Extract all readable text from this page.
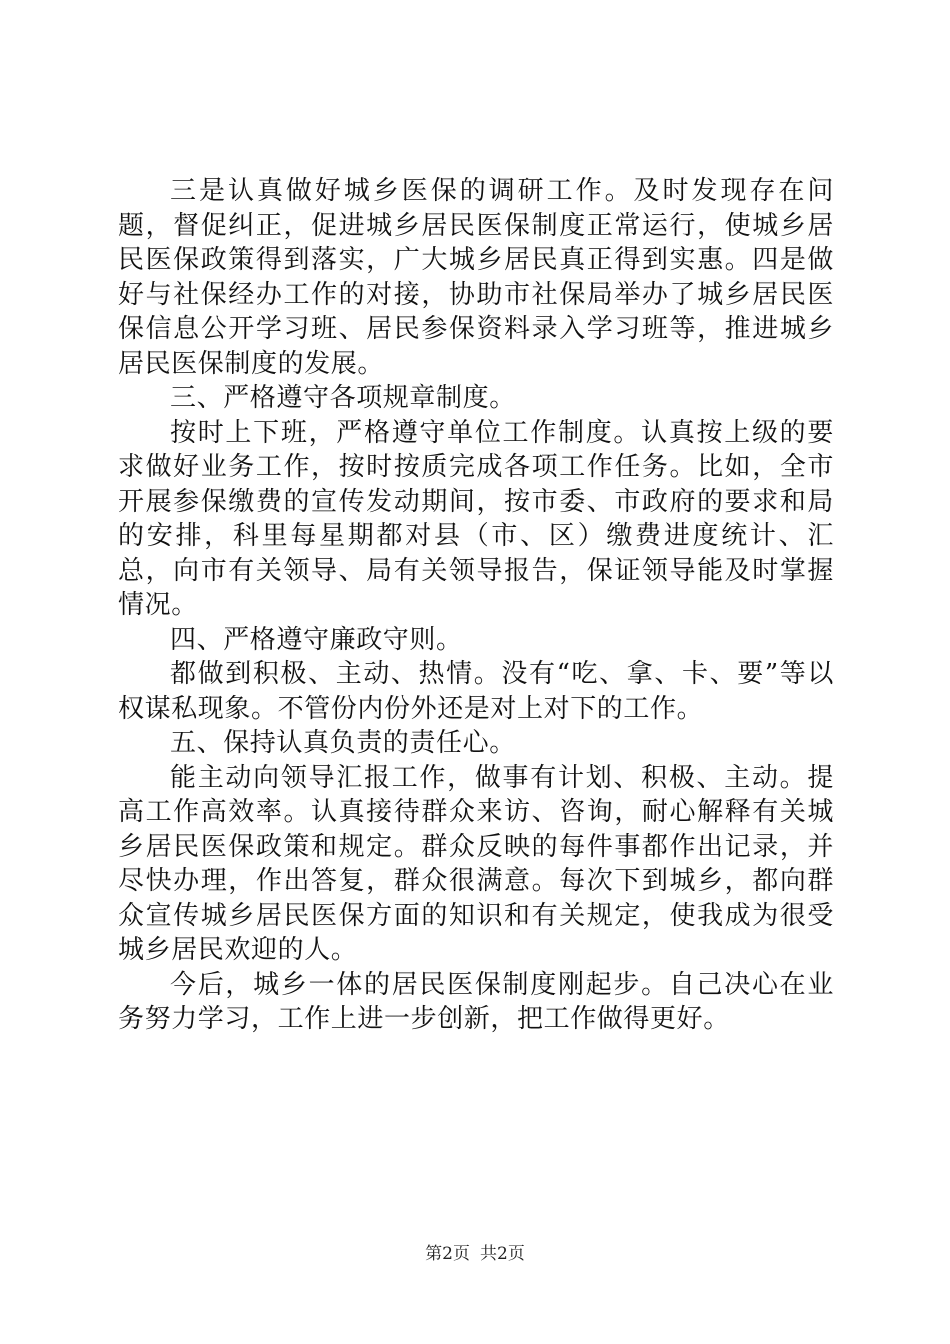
三是认真做好城乡医保的调研工作。及时发现存在问题，督促纠正，促进城乡居民医保制度正常运行，使城乡居民医保政策得到落实，广大城乡居民真正得到实惠。四是做好与社保经办工作的对接，协助市社保局举办了城乡居民医保信息公开学习班、居民参保资料录入学习班等，推进城乡居民医保制度的发展。

三、严格遵守各项规章制度。

按时上下班，严格遵守单位工作制度。认真按上级的要求做好业务工作，按时按质完成各项工作任务。比如，全市开展参保缴费的宣传发动期间，按市委、市政府的要求和局的安排，科里每星期都对县（市、区）缴费进度统计、汇总，向市有关领导、局有关领导报告，保证领导能及时掌握情况。

四、严格遵守廉政守则。

都做到积极、主动、热情。没有“吃、拿、卡、要”等以权谋私现象。不管份内份外还是对上对下的工作。

五、保持认真负责的责任心。

能主动向领导汇报工作，做事有计划、积极、主动。提高工作高效率。认真接待群众来访、咨询，耐心解释有关城乡居民医保政策和规定。群众反映的每件事都作出记录，并尽快办理，作出答复，群众很满意。每次下到城乡，都向群众宣传城乡居民医保方面的知识和有关规定，使我成为很受城乡居民欢迎的人。

今后，城乡一体的居民医保制度刚起步。自己决心在业务努力学习，工作上进一步创新，把工作做得更好。

第2页 共2页
